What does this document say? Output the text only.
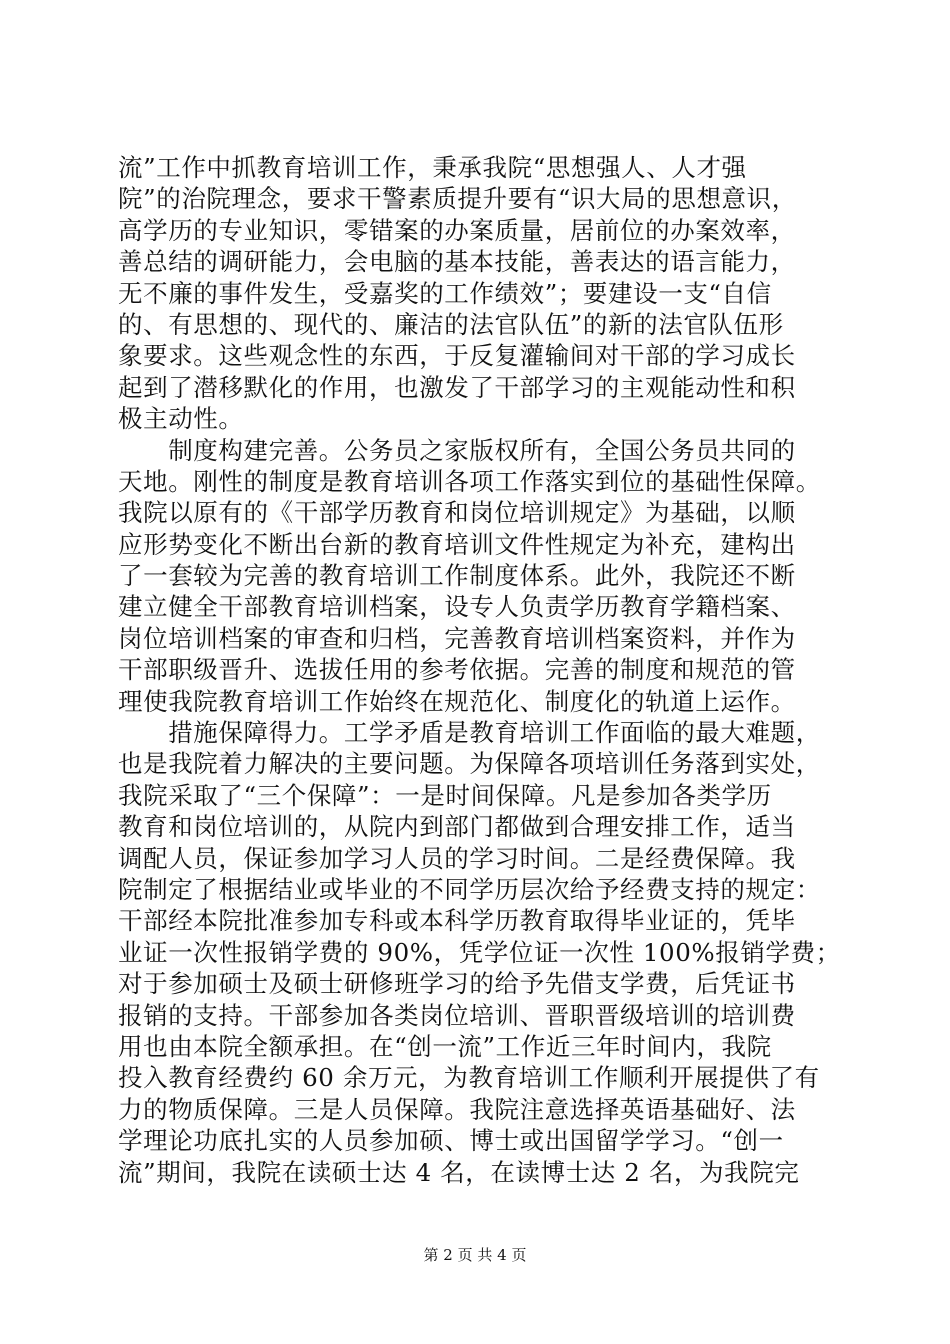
流”工作中抓教育培训工作，秉承我院“思想强人、人才强
院”的治院理念，要求干警素质提升要有“识大局的思想意识，
高学历的专业知识，零错案的办案质量，居前位的办案效率，
善总结的调研能力，会电脑的基本技能，善表达的语言能力，
无不廉的事件发生，受嘉奖的工作绩效”；要建设一支“自信
的、有思想的、现代的、廉洁的法官队伍”的新的法官队伍形
象要求。这些观念性的东西，于反复灌输间对干部的学习成长
起到了潜移默化的作用，也激发了干部学习的主观能动性和积
极主动性。
　　制度构建完善。公务员之家版权所有，全国公务员共同的
天地。刚性的制度是教育培训各项工作落实到位的基础性保障。
我院以原有的《干部学历教育和岗位培训规定》为基础，以顺
应形势变化不断出台新的教育培训文件性规定为补充，建构出
了一套较为完善的教育培训工作制度体系。此外，我院还不断
建立健全干部教育培训档案，设专人负责学历教育学籍档案、
岗位培训档案的审查和归档，完善教育培训档案资料，并作为
干部职级晋升、选拔任用的参考依据。完善的制度和规范的管
理使我院教育培训工作始终在规范化、制度化的轨道上运作。
　　措施保障得力。工学矛盾是教育培训工作面临的最大难题，
也是我院着力解决的主要问题。为保障各项培训任务落到实处，
我院采取了“三个保障”：一是时间保障。凡是参加各类学历
教育和岗位培训的，从院内到部门都做到合理安排工作，适当
调配人员，保证参加学习人员的学习时间。二是经费保障。我
院制定了根据结业或毕业的不同学历层次给予经费支持的规定：
干部经本院批准参加专科或本科学历教育取得毕业证的，凭毕
业证一次性报销学费的 90%，凭学位证一次性 100%报销学费；
对于参加硕士及硕士研修班学习的给予先借支学费，后凭证书
报销的支持。干部参加各类岗位培训、晋职晋级培训的培训费
用也由本院全额承担。在“创一流”工作近三年时间内，我院
投入教育经费约 60 余万元，为教育培训工作顺利开展提供了有
力的物质保障。三是人员保障。我院注意选择英语基础好、法
学理论功底扎实的人员参加硕、博士或出国留学学习。“创一
流”期间，我院在读硕士达 4 名，在读博士达 2 名，为我院完
第 2 页 共 4 页
